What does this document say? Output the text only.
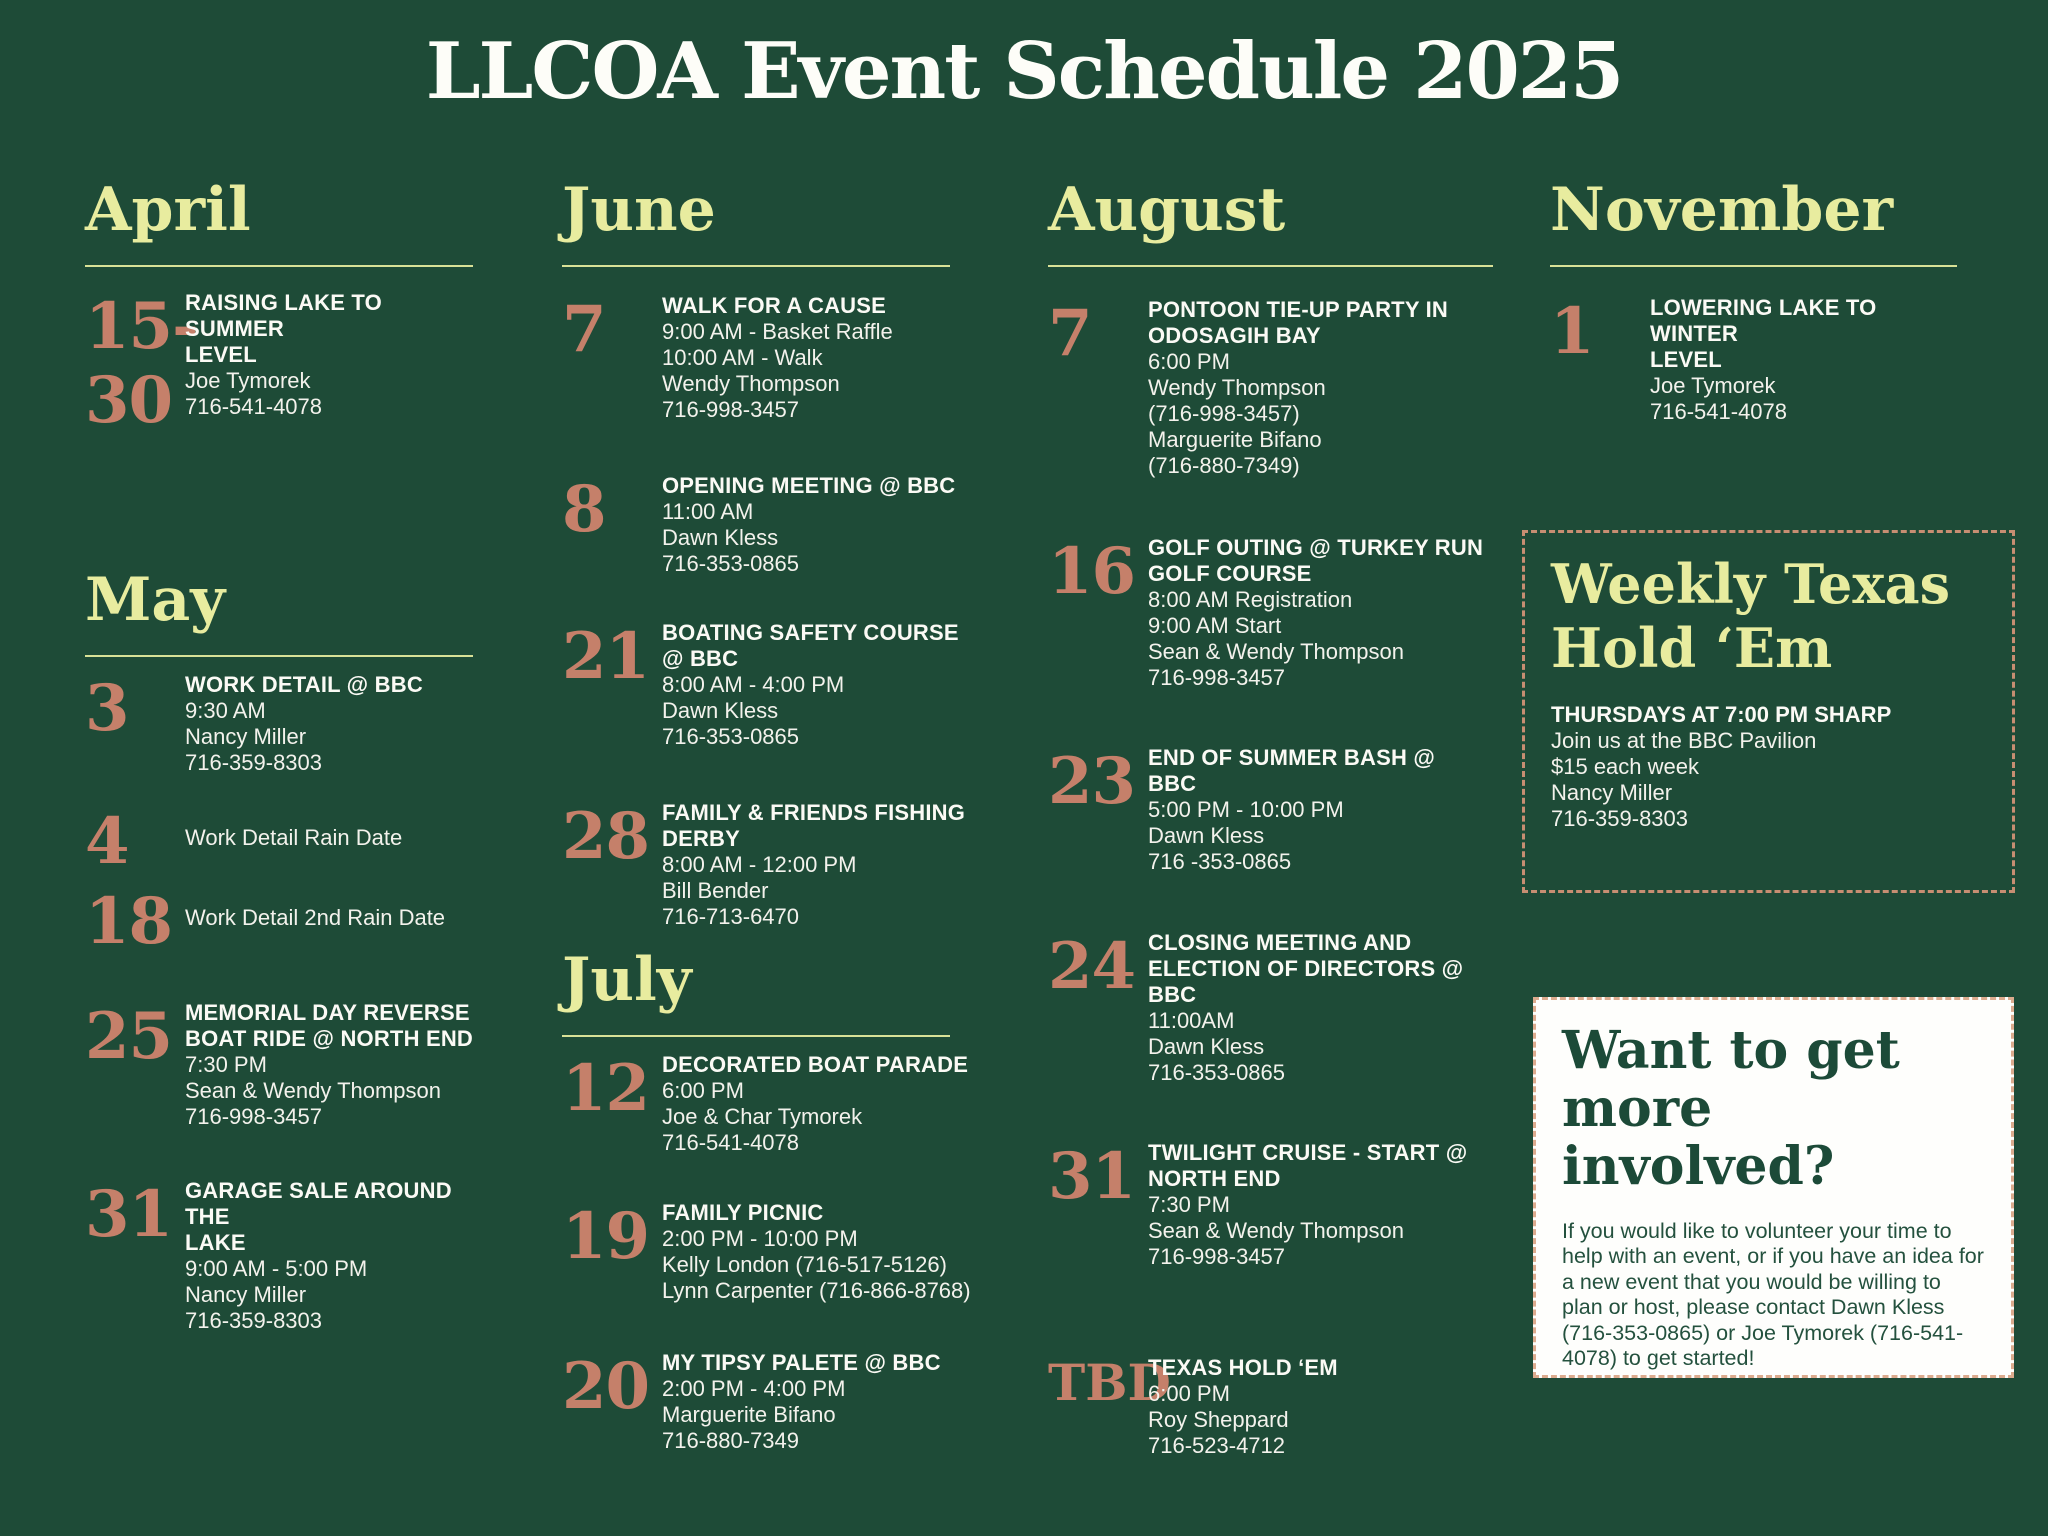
LLCOA Event Schedule 2025
April
15-
30
RAISING LAKE TO SUMMER
LEVEL
Joe Tymorek
716-541-4078
May
3	WORK DETAIL @ BBC
9:30 AM
Nancy Miller
716-359-8303
4	Work Detail Rain Date
18 Work Detail 2nd Rain Date
25 MEMORIAL DAY REVERSE
BOAT RIDE @ NORTH END
7:30 PM
Sean & Wendy Thompson
716-998-3457
31 GARAGE SALE AROUND THE
LAKE
9:00 AM - 5:00 PM
Nancy Miller
716-359-8303
June
7	WALK FOR A CAUSE
9:00 AM - Basket Raffle
10:00 AM - Walk
Wendy Thompson
716-998-3457
8	OPENING MEETING @ BBC
11:00 AM
Dawn Kless
716-353-0865
21 BOATING SAFETY COURSE
@ BBC
8:00 AM - 4:00 PM
Dawn Kless
716-353-0865
28 FAMILY & FRIENDS FISHING
DERBY
8:00 AM - 12:00 PM
Bill Bender
716-713-6470
July
12 DECORATED BOAT PARADE
6:00 PM
Joe & Char Tymorek
716-541-4078
19 FAMILY PICNIC
2:00 PM - 10:00 PM
Kelly London (716-517-5126)
Lynn Carpenter (716-866-8768)
20 MY TIPSY PALETE @ BBC
2:00 PM - 4:00 PM
Marguerite Bifano
716-880-7349
August
7	PONTOON TIE-UP PARTY IN
ODOSAGIH BAY
6:00 PM
Wendy Thompson
(716-998-3457)
Marguerite Bifano
(716-880-7349)
16 GOLF OUTING @ TURKEY RUN
GOLF COURSE
8:00 AM Registration
9:00 AM Start
Sean & Wendy Thompson
716-998-3457
23 END OF SUMMER BASH @
BBC
5:00 PM - 10:00 PM
Dawn Kless
716 -353-0865
24 CLOSING MEETING AND
ELECTION OF DIRECTORS @
BBC
11:00AM
Dawn Kless
716-353-0865
31 TWILIGHT CRUISE - START @
NORTH END
7:30 PM
Sean & Wendy Thompson
716-998-3457
TBD
TEXAS HOLD ‘EM
6:00 PM
Roy Sheppard
716-523-4712
November
1	LOWERING LAKE TO WINTER
LEVEL
Joe Tymorek
716-541-4078
Weekly Texas Hold ‘Em
THURSDAYS AT 7:00 PM SHARP
Join us at the BBC Pavilion
$15 each week
Nancy Miller
716-359-8303
Want to get more involved?

If you would like to volunteer your time to help with an event, or if you have an idea for a new event that you would be willing to plan or host, please contact Dawn Kless (716-353-0865) or Joe Tymorek (716-541-4078) to get started!
